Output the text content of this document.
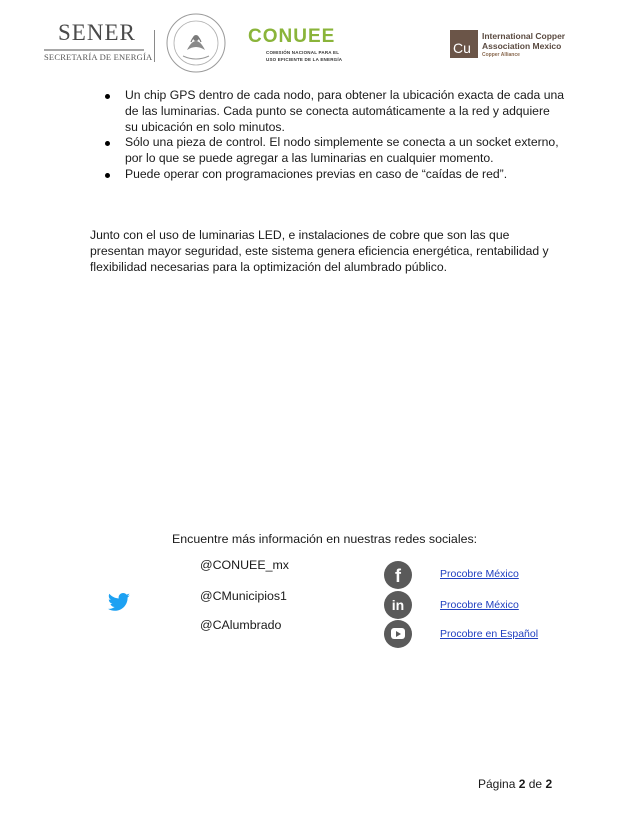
SENER
SECRETARÍA DE ENERGÍA
CONUEE
COMISIÓN NACIONAL PARA EL
USO EFICIENTE DE LA ENERGÍA
Cu
International Copper
Association Mexico
Copper Alliance
Un chip GPS dentro de cada nodo, para obtener la ubicación exacta de cada una de las luminarias. Cada punto se conecta automáticamente a la red y adquiere su ubicación en solo minutos.
Sólo una pieza de control. El nodo simplemente se conecta a un socket externo, por lo que se puede agregar a las luminarias en cualquier momento.
Puede operar con programaciones previas en caso de “caídas de red”.

Junto con el uso de luminarias LED, e instalaciones de cobre que son las que presentan mayor seguridad, este sistema genera eficiencia energética, rentabilidad y flexibilidad necesarias para la optimización del alumbrado público.

Encuentre más información en nuestras redes sociales:
@CONUEE_mx
@CMunicipios1
@CAlumbrado
f
in
Procobre México
Procobre México
Procobre en Español
Página 2 de 2
